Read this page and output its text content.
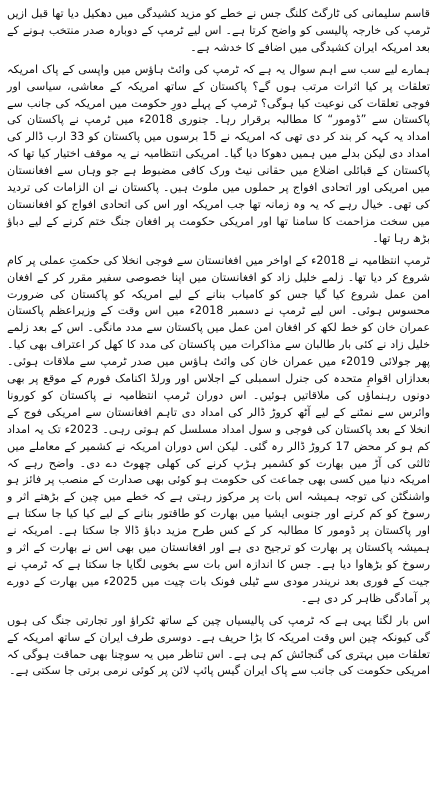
قاسم سلیمانی کی ٹارگٹ کلنگ جس نے خطے کو مزید کشیدگی میں دھکیل دیا تھا قبل ازیں ٹرمپ کی خارجہ پالیسی کو واضح کرتا ہے۔ اس لیے ٹرمپ کے دوبارہ صدر منتخب ہونے کے بعد امریکہ ایران کشیدگی میں اضافے کا خدشہ ہے۔

ہمارے لیے سب سے اہم سوال یہ ہے کہ ٹرمپ کی وائٹ ہاؤس میں واپسی کے پاک امریکہ تعلقات پر کیا اثرات مرتب ہوں گے؟ پاکستان کے ساتھ امریکہ کے معاشی، سیاسی اور فوجی تعلقات کی نوعیت کیا ہوگی؟ ٹرمپ کے پہلے دورِ حکومت میں امریکہ کی جانب سے پاکستان سے ”ڈومور“ کا مطالبہ برقرار رہا۔ جنوری 2018ء میں ٹرمپ نے پاکستان کی امداد یہ کہہ کر بند کر دی تھی کہ امریکہ نے 15 برسوں میں پاکستان کو 33 ارب ڈالر کی امداد دی لیکن بدلے میں ہمیں دھوکا دیا گیا۔ امریکی انتظامیہ نے یہ موقف اختیار کیا تھا کہ پاکستان کے قبائلی اضلاع میں حقانی نیٹ ورک کافی مضبوط ہے جو وہاں سے افغانستان میں امریکی اور اتحادی افواج پر حملوں میں ملوث ہیں۔ پاکستان نے ان الزامات کی تردید کی تھی۔ خیال رہے کہ یہ وہ زمانہ تھا جب امریکہ اور اس کی اتحادی افواج کو افغانستان میں سخت مزاحمت کا سامنا تھا اور امریکی حکومت پر افغان جنگ ختم کرنے کے لیے دباؤ بڑھ رہا تھا۔

ٹرمپ انتظامیہ نے 2018ء کے اواخر میں افغانستان سے فوجی انخلا کی حکمتِ عملی پر کام شروع کر دیا تھا۔ زلمے خلیل زاد کو افغانستان میں اپنا خصوصی سفیر مقرر کر کے افغان امن عمل شروع کیا گیا جس کو کامیاب بنانے کے لیے امریکہ کو پاکستان کی ضرورت محسوس ہوئی۔ اس لیے ٹرمپ نے دسمبر 2018ء میں اس وقت کے وزیراعظم پاکستان عمران خان کو خط لکھ کر افغان امن عمل میں پاکستان سے مدد مانگی۔ اس کے بعد زلمے خلیل زاد نے کئی بار طالبان سے مذاکرات میں پاکستان کی مدد کا کھل کر اعتراف بھی کیا۔ پھر جولائی 2019ء میں عمران خان کی وائٹ ہاؤس میں صدر ٹرمپ سے ملاقات ہوئی۔ بعدازاں اقوامِ متحدہ کی جنرل اسمبلی کے اجلاس اور ورلڈ اکنامک فورم کے موقع پر بھی دونوں رہنماؤں کی ملاقاتیں ہوئیں۔ اس دوران ٹرمپ انتظامیہ نے پاکستان کو کورونا وائرس سے نمٹنے کے لیے آٹھ کروڑ ڈالر کی امداد دی تاہم افغانستان سے امریکی فوج کے انخلا کے بعد پاکستان کی فوجی و سول امداد مسلسل کم ہوتی رہی۔ 2023ء تک یہ امداد کم ہو کر محض 17 کروڑ ڈالر رہ گئی۔ لیکن اس دوران امریکہ نے کشمیر کے معاملے میں ثالثی کی آڑ میں بھارت کو کشمیر ہڑپ کرنے کی کھلی چھوٹ دے دی۔ واضح رہے کہ امریکہ دنیا میں کسی بھی جماعت کی حکومت ہو کوئی بھی صدارت کے منصب پر فائز ہو واشنگٹن کی توجہ ہمیشہ اس بات پر مرکوز رہتی ہے کہ خطے میں چین کے بڑھتے اثر و رسوخ کو کم کرنے اور جنوبی ایشیا میں بھارت کو طاقتور بنانے کے لیے کیا کیا جا سکتا ہے اور پاکستان پر ڈومور کا مطالبہ کر کے کس طرح مزید دباؤ ڈالا جا سکتا ہے۔ امریکہ نے ہمیشہ پاکستان پر بھارت کو ترجیح دی ہے اور افغانستان میں بھی اس نے بھارت کے اثر و رسوخ کو بڑھاوا دیا ہے۔ جس کا اندازہ اس بات سے بخوبی لگایا جا سکتا ہے کہ ٹرمپ نے جیت کے فوری بعد نریندر مودی سے ٹیلی فونک بات چیت میں 2025ء میں بھارت کے دورے پر آمادگی ظاہر کر دی ہے۔

اس بار لگتا یہی ہے کہ ٹرمپ کی پالیسیاں چین کے ساتھ ٹکراؤ اور تجارتی جنگ کی ہوں گی کیونکہ چین اس وقت امریکہ کا بڑا حریف ہے۔ دوسری طرف ایران کے ساتھ امریکہ کے تعلقات میں بہتری کی گنجائش کم ہی ہے۔ اس تناظر میں یہ سوچنا بھی حماقت ہوگی کہ امریکی حکومت کی جانب سے پاک ایران گیس پائپ لائن پر کوئی نرمی برتی جا سکتی ہے۔
